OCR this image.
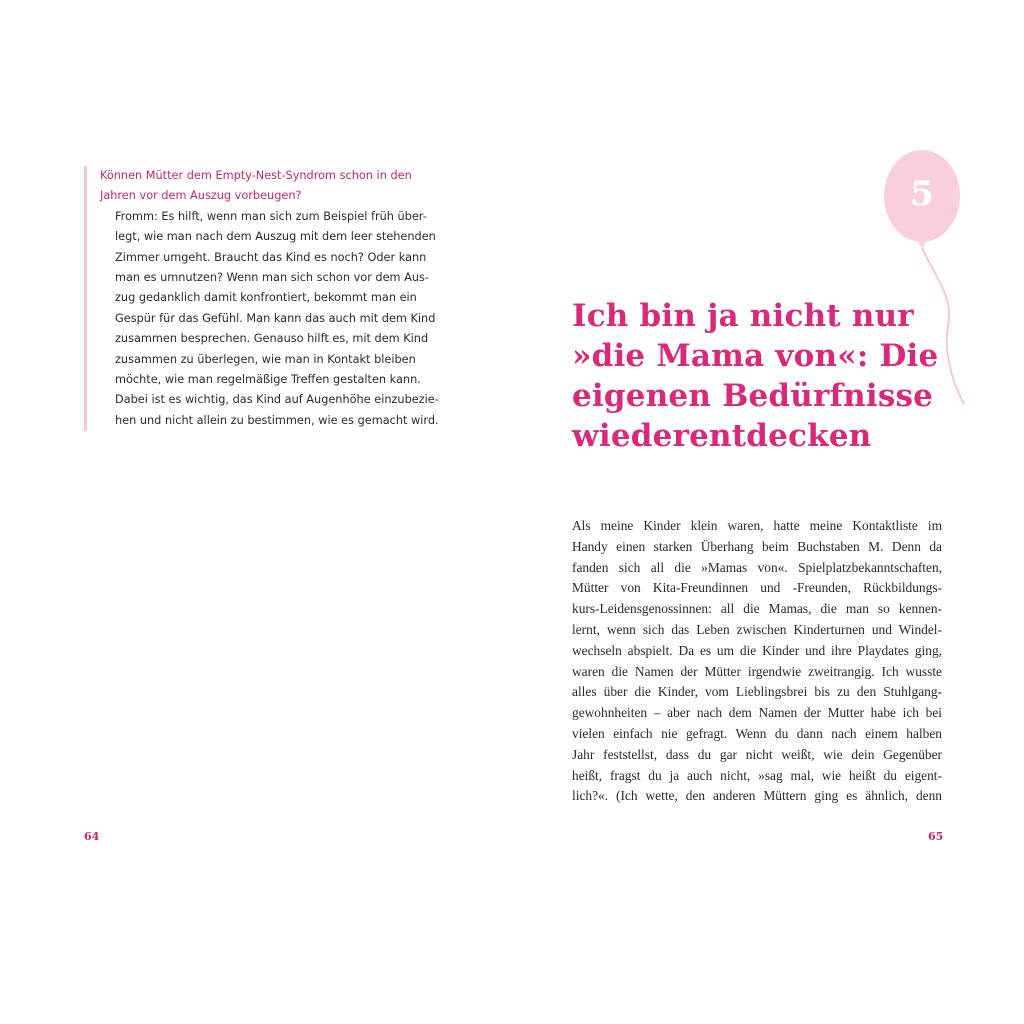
Können Mütter dem Empty-Nest-Syndrom schon in den
Jahren vor dem Auszug vorbeugen?

Fromm: Es hilft, wenn man sich zum Beispiel früh über-
legt, wie man nach dem Auszug mit dem leer stehenden
Zimmer umgeht. Braucht das Kind es noch? Oder kann
man es umnutzen? Wenn man sich schon vor dem Aus-
zug gedanklich damit konfrontiert, bekommt man ein
Gespür für das Gefühl. Man kann das auch mit dem Kind
zusammen besprechen. Genauso hilft es, mit dem Kind
zusammen zu überlegen, wie man in Kontakt bleiben
möchte, wie man regelmäßige Treffen gestalten kann.
Dabei ist es wichtig, das Kind auf Augenhöhe einzubezie-
hen und nicht allein zu bestimmen, wie es gemacht wird.

64
5
Ich bin ja nicht nur
»die Mama von«: Die
eigenen Bedürfnisse
wiederentdecken

Als meine Kinder klein waren, hatte meine Kontaktliste im
Handy einen starken Überhang beim Buchstaben M. Denn da
fanden sich all die »Mamas von«. Spielplatzbekanntschaften,
Mütter von Kita-Freundinnen und -Freunden, Rückbildungs-
kurs-Leidensgenossinnen: all die Mamas, die man so kennen-
lernt, wenn sich das Leben zwischen Kinderturnen und Windel-
wechseln abspielt. Da es um die Kinder und ihre Playdates ging,
waren die Namen der Mütter irgendwie zweitrangig. Ich wusste
alles über die Kinder, vom Lieblingsbrei bis zu den Stuhlgang-
gewohnheiten – aber nach dem Namen der Mutter habe ich bei
vielen einfach nie gefragt. Wenn du dann nach einem halben
Jahr feststellst, dass du gar nicht weißt, wie dein Gegenüber
heißt, fragst du ja auch nicht, »sag mal, wie heißt du eigent-
lich?«. (Ich wette, den anderen Müttern ging es ähnlich, denn

65
